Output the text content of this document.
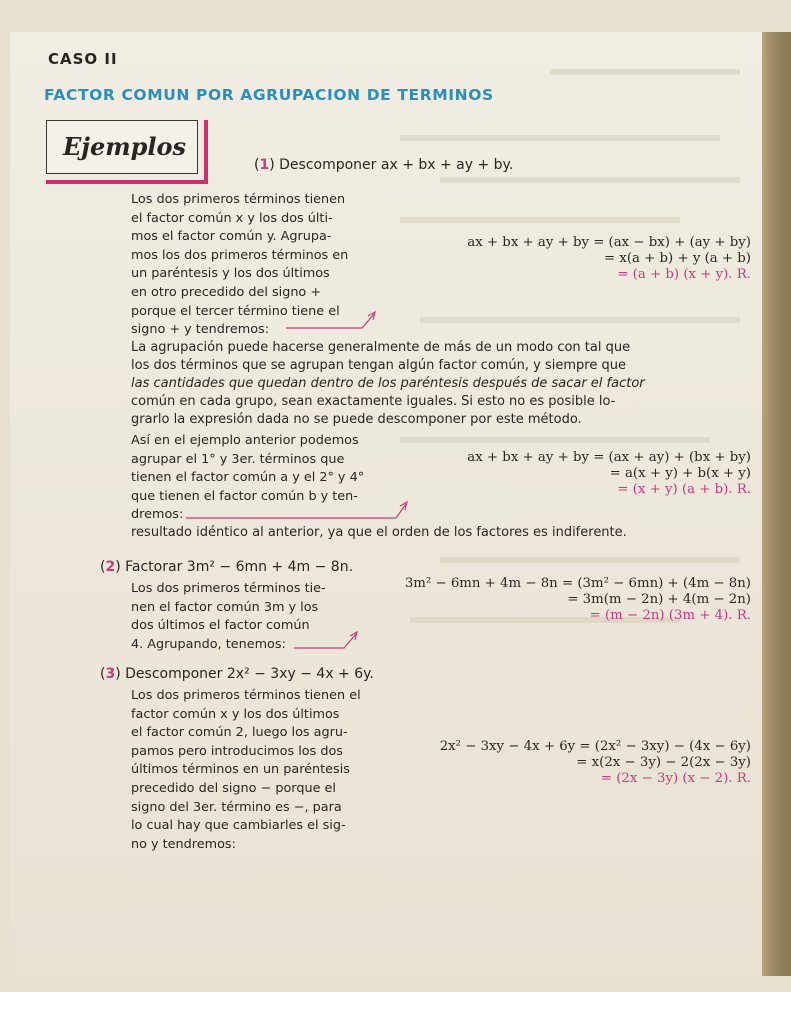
CASO II
FACTOR COMUN POR AGRUPACION DE TERMINOS
Ejemplos
(1) Descomponer ax + bx + ay + by.
Los dos primeros términos tienen
el factor común x y los dos últi-
mos el factor común y. Agrupa-
mos los dos primeros términos en
un paréntesis y los dos últimos
en otro precedido del signo +
porque el tercer término tiene el
signo + y tendremos:
ax + bx + ay + by = (ax − bx) + (ay + by)
= x(a + b) + y (a + b)
= (a + b) (x + y). R.
La agrupación puede hacerse generalmente de más de un modo con tal que
los dos términos que se agrupan tengan algún factor común, y siempre que
las cantidades que quedan dentro de los paréntesis después de sacar el factor
común en cada grupo, sean exactamente iguales. Si esto no es posible lo-
grarlo la expresión dada no se puede descomponer por este método.
Así en el ejemplo anterior podemos
agrupar el 1° y 3er. términos que
tienen el factor común a y el 2° y 4°
que tienen el factor común b y ten-
dremos:
ax + bx + ay + by = (ax + ay) + (bx + by)
= a(x + y) + b(x + y)
= (x + y) (a + b). R.
resultado idéntico al anterior, ya que el orden de los factores es indiferente.
(2) Factorar 3m² − 6mn + 4m − 8n.
Los dos primeros términos tie-
nen el factor común 3m y los
dos últimos el factor común
4. Agrupando, tenemos:
3m² − 6mn + 4m − 8n = (3m² − 6mn) + (4m − 8n)
= 3m(m − 2n) + 4(m − 2n)
= (m − 2n) (3m + 4). R.
(3) Descomponer 2x² − 3xy − 4x + 6y.
Los dos primeros términos tienen el
factor común x y los dos últimos
el factor común 2, luego los agru-
pamos pero introducimos los dos
últimos términos en un paréntesis
precedido del signo − porque el
signo del 3er. término es −, para
lo cual hay que cambiarles el sig-
no y tendremos:
2x² − 3xy − 4x + 6y = (2x² − 3xy) − (4x − 6y)
= x(2x − 3y) − 2(2x − 3y)
= (2x − 3y) (x − 2). R.
